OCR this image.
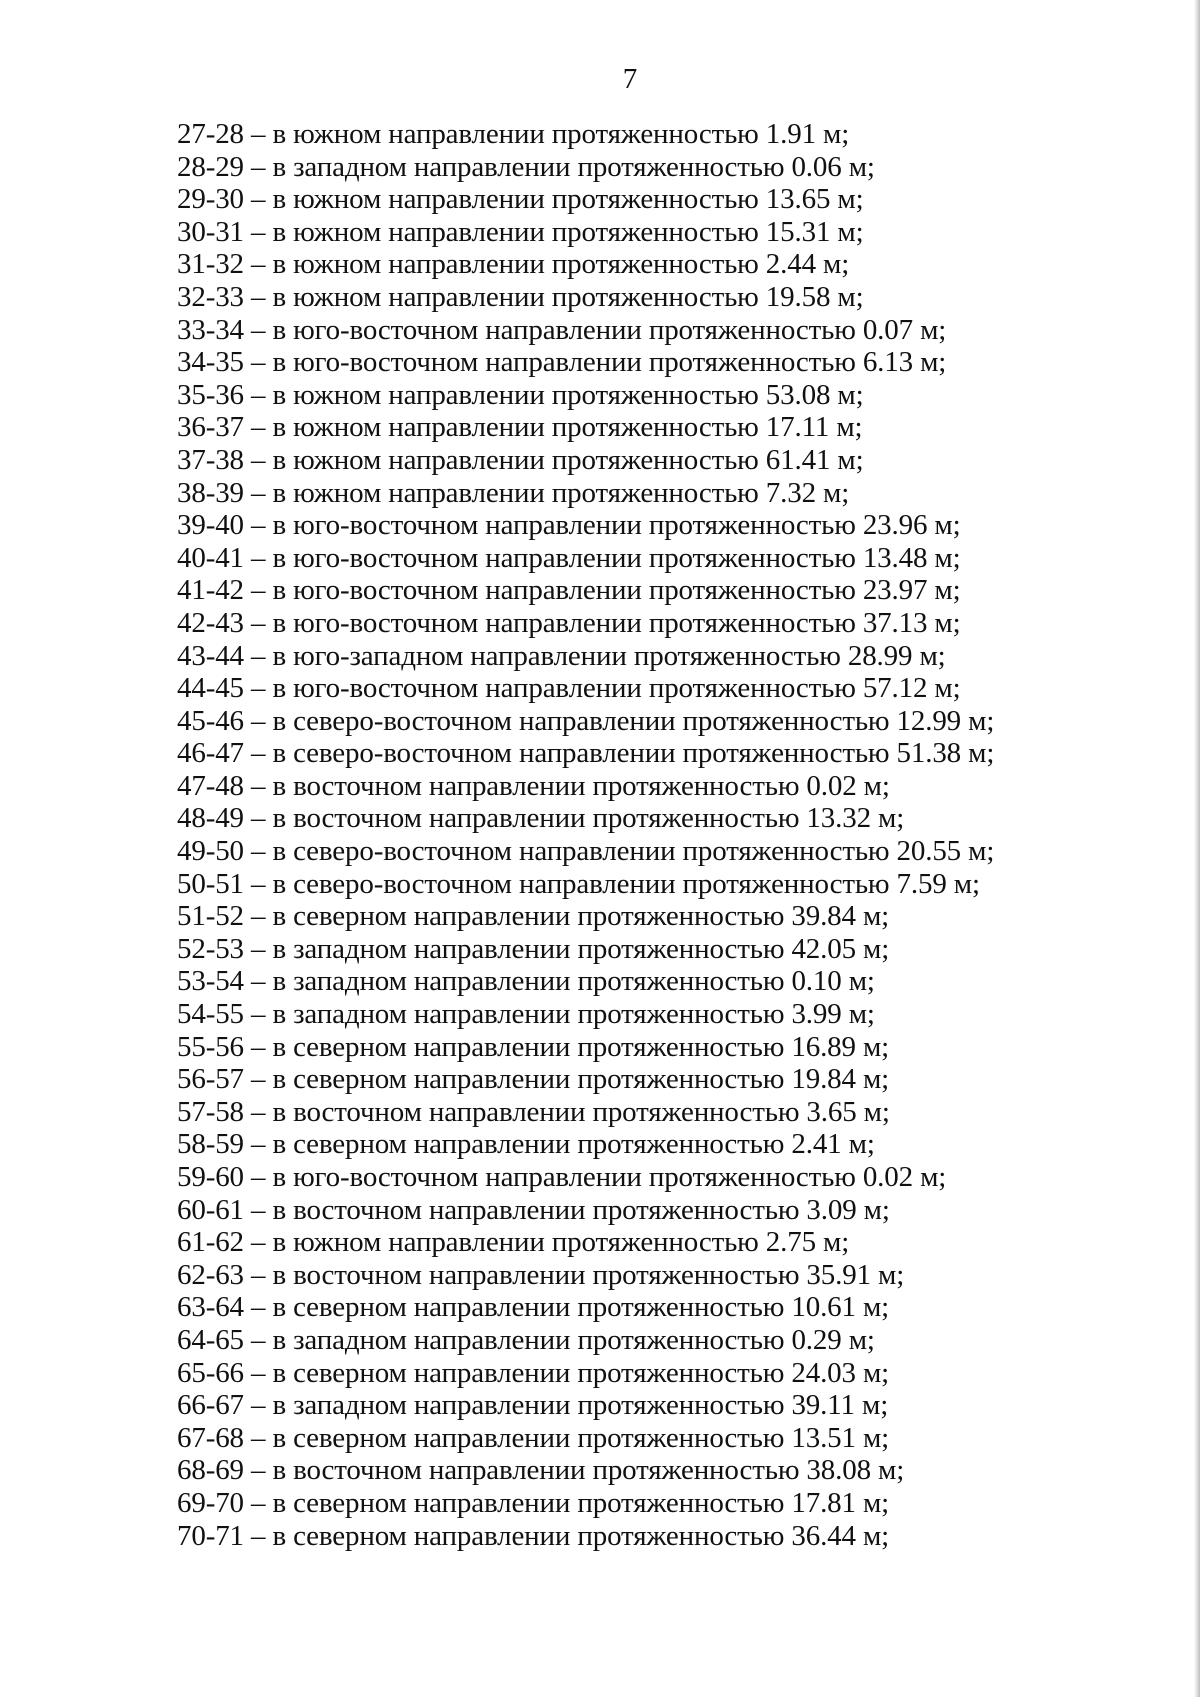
7
27-28 – в южном направлении протяженностью 1.91 м;
28-29 – в западном направлении протяженностью 0.06 м;
29-30 – в южном направлении протяженностью 13.65 м;
30-31 – в южном направлении протяженностью 15.31 м;
31-32 – в южном направлении протяженностью 2.44 м;
32-33 – в южном направлении протяженностью 19.58 м;
33-34 – в юго-восточном направлении протяженностью 0.07 м;
34-35 – в юго-восточном направлении протяженностью 6.13 м;
35-36 – в южном направлении протяженностью 53.08 м;
36-37 – в южном направлении протяженностью 17.11 м;
37-38 – в южном направлении протяженностью 61.41 м;
38-39 – в южном направлении протяженностью 7.32 м;
39-40 – в юго-восточном направлении протяженностью 23.96 м;
40-41 – в юго-восточном направлении протяженностью 13.48 м;
41-42 – в юго-восточном направлении протяженностью 23.97 м;
42-43 – в юго-восточном направлении протяженностью 37.13 м;
43-44 – в юго-западном направлении протяженностью 28.99 м;
44-45 – в юго-восточном направлении протяженностью 57.12 м;
45-46 – в северо-восточном направлении протяженностью 12.99 м;
46-47 – в северо-восточном направлении протяженностью 51.38 м;
47-48 – в восточном направлении протяженностью 0.02 м;
48-49 – в восточном направлении протяженностью 13.32 м;
49-50 – в северо-восточном направлении протяженностью 20.55 м;
50-51 – в северо-восточном направлении протяженностью 7.59 м;
51-52 – в северном направлении протяженностью 39.84 м;
52-53 – в западном направлении протяженностью 42.05 м;
53-54 – в западном направлении протяженностью 0.10 м;
54-55 – в западном направлении протяженностью 3.99 м;
55-56 – в северном направлении протяженностью 16.89 м;
56-57 – в северном направлении протяженностью 19.84 м;
57-58 – в восточном направлении протяженностью 3.65 м;
58-59 – в северном направлении протяженностью 2.41 м;
59-60 – в юго-восточном направлении протяженностью 0.02 м;
60-61 – в восточном направлении протяженностью 3.09 м;
61-62 – в южном направлении протяженностью 2.75 м;
62-63 – в восточном направлении протяженностью 35.91 м;
63-64 – в северном направлении протяженностью 10.61 м;
64-65 – в западном направлении протяженностью 0.29 м;
65-66 – в северном направлении протяженностью 24.03 м;
66-67 – в западном направлении протяженностью 39.11 м;
67-68 – в северном направлении протяженностью 13.51 м;
68-69 – в восточном направлении протяженностью 38.08 м;
69-70 – в северном направлении протяженностью 17.81 м;
70-71 – в северном направлении протяженностью 36.44 м;
